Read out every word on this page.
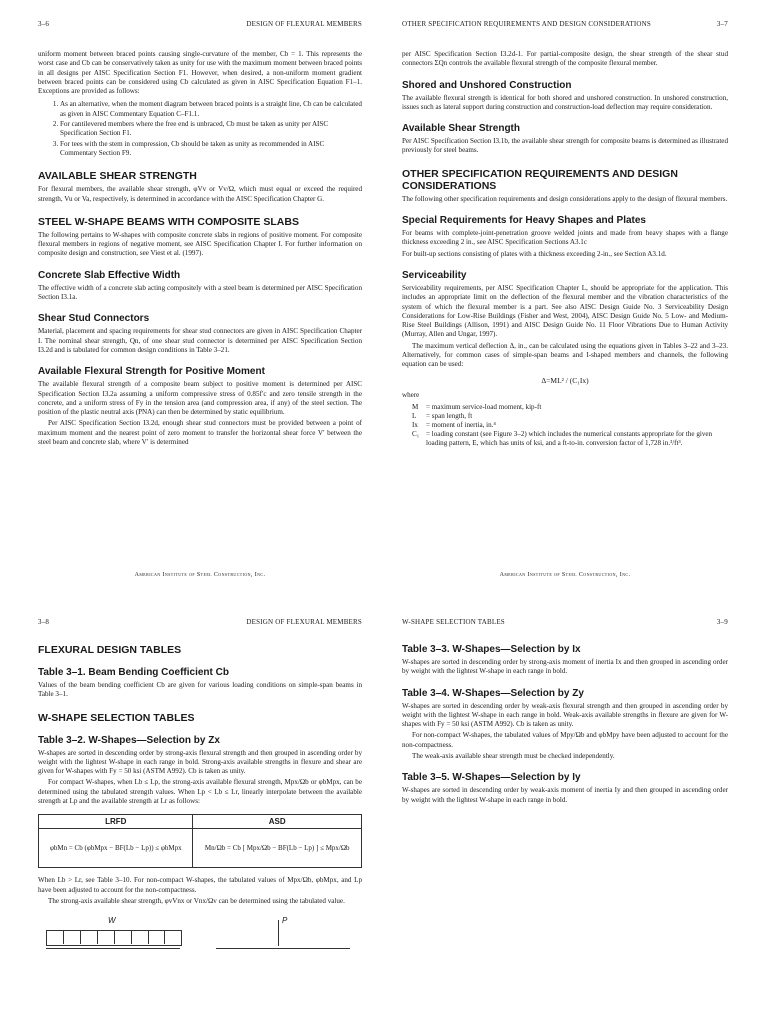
3–6	DESIGN OF FLEXURAL MEMBERS

uniform moment between braced points causing single-curvature of the member, Cb = 1. This represents the worst case and Cb can be conservatively taken as unity for use with the maximum moment between braced points in all designs per AISC Specification Section F1. However, when desired, a non-uniform moment gradient between braced points can be considered using Cb calculated as given in AISC Specification Equation F1–1. Exceptions are provided as follows:

1. As an alternative, when the moment diagram between braced points is a straight line, Cb can be calculated as given in AISC Commentary Equation C–F1.1.
2. For cantilevered members where the free end is unbraced, Cb must be taken as unity per AISC Specification Section F1.
3. For tees with the stem in compression, Cb should be taken as unity as recommended in AISC Commentary Section F9.
AVAILABLE SHEAR STRENGTH

For flexural members, the available shear strength, φVv or Vv/Ω, which must equal or exceed the required strength, Vu or Va, respectively, is determined in accordance with the AISC Specification Chapter G.

STEEL W-SHAPE BEAMS WITH COMPOSITE SLABS

The following pertains to W-shapes with composite concrete slabs in regions of positive moment. For composite flexural members in regions of negative moment, see AISC Specification Chapter I. For further information on composite design and construction, see Viest et al. (1997).

Concrete Slab Effective Width

The effective width of a concrete slab acting compositely with a steel beam is determined per AISC Specification Section I3.1a.

Shear Stud Connectors

Material, placement and spacing requirements for shear stud connectors are given in AISC Specification Chapter I. The nominal shear strength, Qn, of one shear stud connector is determined per AISC Specification Section I3.2d and is tabulated for common design conditions in Table 3–21.

Available Flexural Strength for Positive Moment

The available flexural strength of a composite beam subject to positive moment is determined per AISC Specification Section I3.2a assuming a uniform compressive stress of 0.85f′c and zero tensile strength in the concrete, and a uniform stress of Fy in the tension area (and compression area, if any) of the steel section. The position of the plastic neutral axis (PNA) can then be determined by static equilibrium.

Per AISC Specification Section I3.2d, enough shear stud connectors must be provided between a point of maximum moment and the nearest point of zero moment to transfer the horizontal shear force V′ between the steel beam and concrete slab, where V′ is determined

American Institute of Steel Construction, Inc.
OTHER SPECIFICATION REQUIREMENTS AND DESIGN CONSIDERATIONS	3–7

per AISC Specification Section I3.2d-1. For partial-composite design, the shear strength of the shear stud connectors ΣQn controls the available flexural strength of the composite flexural member.

Shored and Unshored Construction

The available flexural strength is identical for both shored and unshored construction. In unshored construction, issues such as lateral support during construction and construction-load deflection may require consideration.

Available Shear Strength

Per AISC Specification Section I3.1b, the available shear strength for composite beams is determined as illustrated previously for steel beams.

OTHER SPECIFICATION REQUIREMENTS AND DESIGN CONSIDERATIONS

The following other specification requirements and design considerations apply to the design of flexural members.

Special Requirements for Heavy Shapes and Plates

For beams with complete-joint-penetration groove welded joints and made from heavy shapes with a flange thickness exceeding 2 in., see AISC Specification Sections A3.1c

For built-up sections consisting of plates with a thickness exceeding 2-in., see Section A3.1d.

Serviceability

Serviceability requirements, per AISC Specification Chapter L, should be appropriate for the application. This includes an appropriate limit on the deflection of the flexural member and the vibration characteristics of the system of which the flexural member is a part. See also AISC Design Guide No. 3 Serviceability Design Considerations for Low-Rise Buildings (Fisher and West, 2004), AISC Design Guide No. 5 Low- and Medium-Rise Steel Buildings (Allison, 1991) and AISC Design Guide No. 11 Floor Vibrations Due to Human Activity (Murray, Allen and Ungar, 1997).

The maximum vertical deflection Δ, in., can be calculated using the equations given in Tables 3–22 and 3–23. Alternatively, for common cases of simple-span beams and I-shaped members and channels, the following equation can be used:

Δ=ML² / (C₁Ix)
where
M	= maximum service-load moment, kip-ft
L	= span length, ft
Ix	= moment of inertia, in.⁴
C₁ = loading constant (see Figure 3–2) which includes the numerical constants appropriate for the given loading pattern, E, which has units of ksi, and a ft-to-in. conversion factor of 1,728 in.³/ft³.
American Institute of Steel Construction, Inc.
3–8	DESIGN OF FLEXURAL MEMBERS
FLEXURAL DESIGN TABLES
Table 3–1. Beam Bending Coefficient Cb

Values of the beam bending coefficient Cb are given for various loading conditions on simple-span beams in Table 3–1.

W-SHAPE SELECTION TABLES
Table 3–2. W-Shapes—Selection by Zx

W-shapes are sorted in descending order by strong-axis flexural strength and then grouped in ascending order by weight with the lightest W-shape in each range in bold. Strong-axis available strengths in flexure and shear are given for W-shapes with Fy = 50 ksi (ASTM A992). Cb is taken as unity.

For compact W-shapes, when Lb ≤ Lp, the strong-axis available flexural strength, Mpx/Ωb or φbMpx, can be determined using the tabulated strength values. When Lp < Lb ≤ Lr, linearly interpolate between the available strength at Lp and the available strength at Lr as follows:

LRFD	ASD
φbMn = Cb (φbMpx − BF(Lb − Lp)) ≤ φbMpx	Mn/Ωb = Cb [ Mpx/Ωb − BF(Lb − Lp) ] ≤ Mpx/Ωb

When Lb > Lr, see Table 3–10. For non-compact W-shapes, the tabulated values of Mpx/Ωb, φbMpx, and Lp have been adjusted to account for the non-compactness.

The strong-axis available shear strength, φvVnx or Vnx/Ωv can be determined using the tabulated value.

W	P
W-SHAPE SELECTION TABLES	3–9
Table 3–3. W-Shapes—Selection by Ix

W-shapes are sorted in descending order by strong-axis moment of inertia Ix and then grouped in ascending order by weight with the lightest W-shape in each range in bold.

Table 3–4. W-Shapes—Selection by Zy

W-shapes are sorted in descending order by weak-axis flexural strength and then grouped in ascending order by weight with the lightest W-shape in each range in bold. Weak-axis available strengths in flexure are given for W-shapes with Fy = 50 ksi (ASTM A992). Cb is taken as unity.

For non-compact W-shapes, the tabulated values of Mpy/Ωb and φbMpy have been adjusted to account for the non-compactness.

The weak-axis available shear strength must be checked independently.

Table 3–5. W-Shapes—Selection by Iy

W-shapes are sorted in descending order by weak-axis moment of inertia Iy and then grouped in ascending order by weight with the lightest W-shape in each range in bold.
